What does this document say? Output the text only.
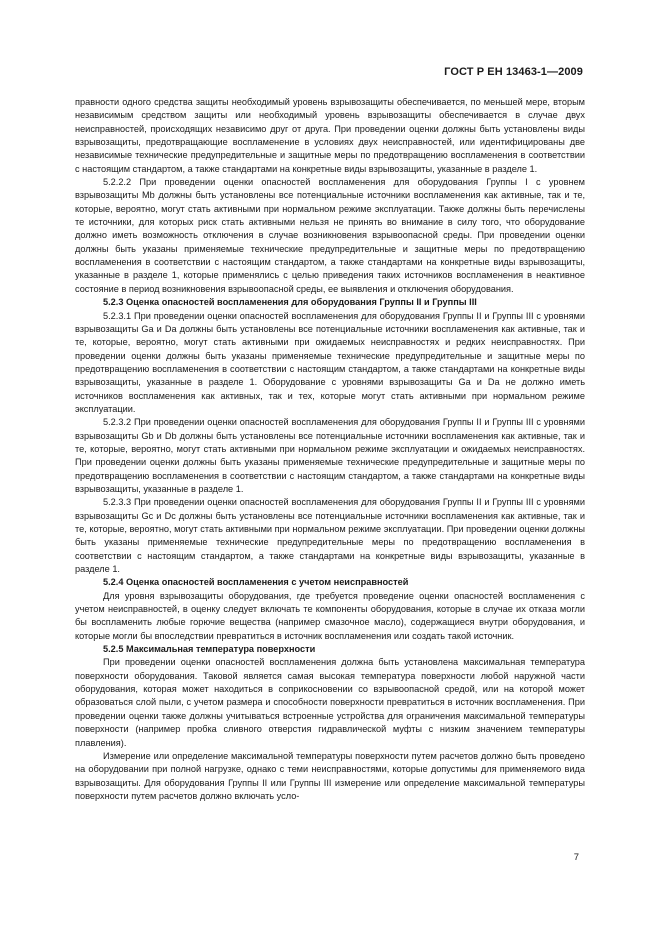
ГОСТ Р ЕН 13463-1—2009

правности одного средства защиты необходимый уровень взрывозащиты обеспечивается, по меньшей мере, вторым независимым средством защиты или необходимый уровень взрывозащиты обеспечивается в случае двух неисправностей, происходящих независимо друг от друга. При проведении оценки должны быть установлены виды взрывозащиты, предотвращающие воспламенение в условиях двух неисправностей, или идентифицированы две независимые технические предупредительные и защитные меры по предотвращению воспламенения в соответствии с настоящим стандартом, а также стандартами на конкретные виды взрывозащиты, указанные в разделе 1.

5.2.2.2 При проведении оценки опасностей воспламенения для оборудования Группы I с уровнем взрывозащиты Mb должны быть установлены все потенциальные источники воспламенения как активные, так и те, которые, вероятно, могут стать активными при нормальном режиме эксплуатации. Также должны быть перечислены те источники, для которых риск стать активными нельзя не принять во внимание в силу того, что оборудование должно иметь возможность отключения в случае возникновения взрывоопасной среды. При проведении оценки должны быть указаны применяемые технические предупредительные и защитные меры по предотвращению воспламенения в соответствии с настоящим стандартом, а также стандартами на конкретные виды взрывозащиты, указанные в разделе 1, которые применялись с целью приведения таких источников воспламенения в неактивное состояние в период возникновения взрывоопасной среды, ее выявления и отключения оборудования.

5.2.3 Оценка опасностей воспламенения для оборудования Группы II и Группы III

5.2.3.1 При проведении оценки опасностей воспламенения для оборудования Группы II и Группы III с уровнями взрывозащиты Ga и Da должны быть установлены все потенциальные источники воспламенения как активные, так и те, которые, вероятно, могут стать активными при ожидаемых неисправностях и редких неисправностях. При проведении оценки должны быть указаны применяемые технические предупредительные и защитные меры по предотвращению воспламенения в соответствии с настоящим стандартом, а также стандартами на конкретные виды взрывозащиты, указанные в разделе 1. Оборудование с уровнями взрывозащиты Ga и Da не должно иметь источников воспламенения как активных, так и тех, которые могут стать активными при нормальном режиме эксплуатации.

5.2.3.2 При проведении оценки опасностей воспламенения для оборудования Группы II и Группы III с уровнями взрывозащиты Gb и Db должны быть установлены все потенциальные источники воспламенения как активные, так и те, которые, вероятно, могут стать активными при нормальном режиме эксплуатации и ожидаемых неисправностях. При проведении оценки должны быть указаны применяемые технические предупредительные и защитные меры по предотвращению воспламенения в соответствии с настоящим стандартом, а также стандартами на конкретные виды взрывозащиты, указанные в разделе 1.

5.2.3.3 При проведении оценки опасностей воспламенения для оборудования Группы II и Группы III с уровнями взрывозащиты Gc и Dc должны быть установлены все потенциальные источники воспламенения как активные, так и те, которые, вероятно, могут стать активными при нормальном режиме эксплуатации. При проведении оценки должны быть указаны применяемые технические предупредительные меры по предотвращению воспламенения в соответствии с настоящим стандартом, а также стандартами на конкретные виды взрывозащиты, указанные в разделе 1.

5.2.4 Оценка опасностей воспламенения с учетом неисправностей

Для уровня взрывозащиты оборудования, где требуется проведение оценки опасностей воспламенения с учетом неисправностей, в оценку следует включать те компоненты оборудования, которые в случае их отказа могли бы воспламенить любые горючие вещества (например смазочное масло), содержащиеся внутри оборудования, и которые могли бы впоследствии превратиться в источник воспламенения или создать такой источник.

5.2.5 Максимальная температура поверхности

При проведении оценки опасностей воспламенения должна быть установлена максимальная температура поверхности оборудования. Таковой является самая высокая температура поверхности любой наружной части оборудования, которая может находиться в соприкосновении со взрывоопасной средой, или на которой может образоваться слой пыли, с учетом размера и способности поверхности превратиться в источник воспламенения. При проведении оценки также должны учитываться встроенные устройства для ограничения максимальной температуры поверхности (например пробка сливного отверстия гидравлической муфты с низким значением температуры плавления).

Измерение или определение максимальной температуры поверхности путем расчетов должно быть проведено на оборудовании при полной нагрузке, однако с теми неисправностями, которые допустимы для применяемого вида взрывозащиты. Для оборудования Группы II или Группы III измерение или определение максимальной температуры поверхности путем расчетов должно включать усло-

7
